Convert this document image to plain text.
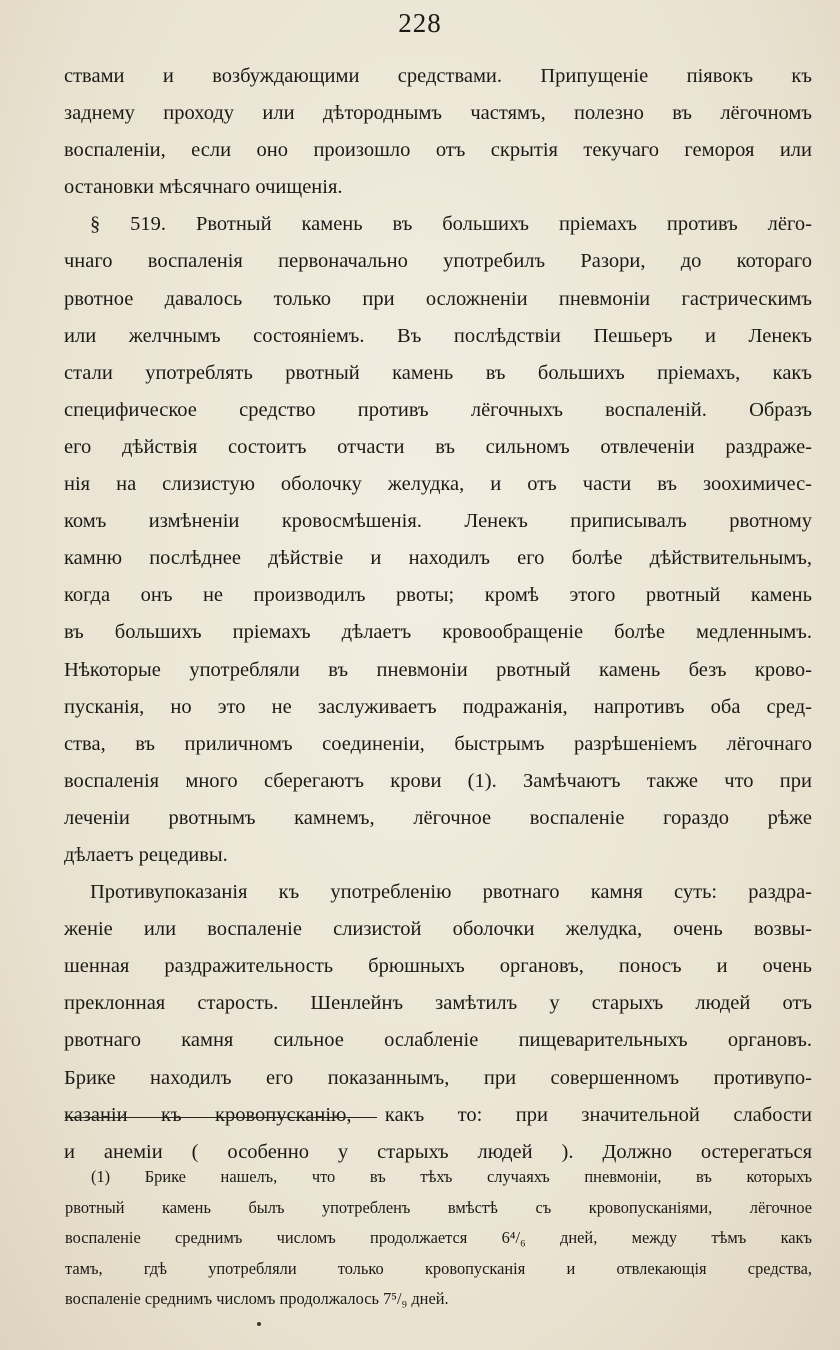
228
ствами и возбуждающими средствами. Припущеніе піявокъ къ
заднему проходу или дѣтороднымъ частямъ, полезно въ лёгочномъ
воспаленіи, если оно произошло отъ скрытія текучаго гемороя или
остановки мѣсячнаго очищенія.
§ 519. Рвотный камень въ большихъ пріемахъ противъ лёго-
чнаго воспаленія первоначально употребилъ Разори, до котораго
рвотное давалось только при осложненіи пневмоніи гастрическимъ
или желчнымъ состояніемъ. Въ послѣдствіи Пешьеръ и Ленекъ
стали употреблять рвотный камень въ большихъ пріемахъ, какъ
специфическое средство противъ лёгочныхъ воспаленій. Образъ
его дѣйствія состоитъ отчасти въ сильномъ отвлеченіи раздраже-
нія на слизистую оболочку желудка, и отъ части въ зоохимичес-
комъ измѣненіи кровосмѣшенія. Ленекъ приписывалъ рвотному
камню послѣднее дѣйствіе и находилъ его болѣе дѣйствительнымъ,
когда онъ не производилъ рвоты; кромѣ этого рвотный камень
въ большихъ пріемахъ дѣлаетъ кровообращеніе болѣе медленнымъ.
Нѣкоторые употребляли въ пневмоніи рвотный камень безъ крово-
пусканія, но это не заслуживаетъ подражанія, напротивъ оба сред-
ства, въ приличномъ соединеніи, быстрымъ разрѣшеніемъ лёгочнаго
воспаленія много сберегаютъ крови (1). Замѣчаютъ также что при
леченіи рвотнымъ камнемъ, лёгочное воспаленіе гораздо рѣже
дѣлаетъ рецедивы.
Противупоказанія къ употребленію рвотнаго камня суть: раздра-
женіе или воспаленіе слизистой оболочки желудка, очень возвы-
шенная раздражительность брюшныхъ органовъ, поносъ и очень
преклонная старость. Шенлейнъ замѣтилъ у старыхъ людей отъ
рвотнаго камня сильное ослабленіе пищеварительныхъ органовъ.
Брике находилъ его показаннымъ, при совершенномъ противупо-
казаніи къ кровопусканію, какъ то: при значительной слабости
и анеміи ( особенно у старыхъ людей ). Должно остерегаться
(1) Брике нашелъ, что въ тѣхъ случаяхъ пневмоніи, въ которыхъ
рвотный камень былъ употребленъ вмѣстѣ съ кровопусканіями, лёгочное
воспаленіе среднимъ числомъ продолжается 6⁴/₆ дней, между тѣмъ какъ
тамъ, гдѣ употребляли только кровопусканія и отвлекающія средства,
воспаленіе среднимъ числомъ продолжалось 7⁵/₉ дней.
